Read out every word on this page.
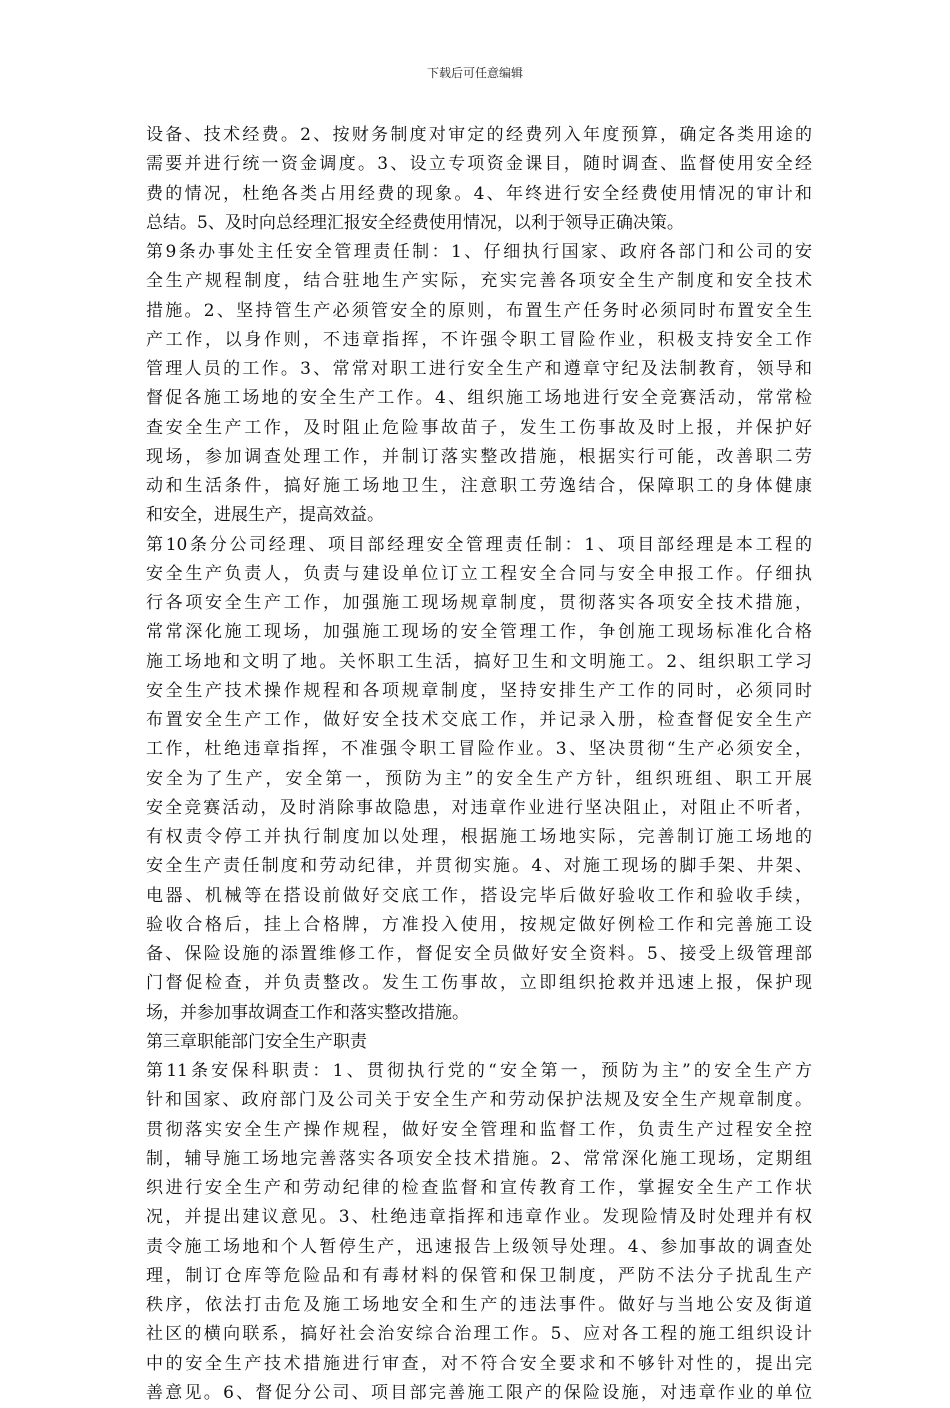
下载后可任意编辑
设备、技术经费。2、按财务制度对审定的经费列入年度预算，确定各类用途的
需要并进行统一资金调度。3、设立专项资金课目，随时调查、监督使用安全经
费的情况，杜绝各类占用经费的现象。4、年终进行安全经费使用情况的审计和
总结。5、及时向总经理汇报安全经费使用情况，以利于领导正确决策。
第9条办事处主任安全管理责任制：1、仔细执行国家、政府各部门和公司的安
全生产规程制度，结合驻地生产实际，充实完善各项安全生产制度和安全技术
措施。2、坚持管生产必须管安全的原则，布置生产任务时必须同时布置安全生
产工作，以身作则，不违章指挥，不许强令职工冒险作业，积极支持安全工作
管理人员的工作。3、常常对职工进行安全生产和遵章守纪及法制教育，领导和
督促各施工场地的安全生产工作。4、组织施工场地进行安全竞赛活动，常常检
查安全生产工作，及时阻止危险事故苗子，发生工伤事故及时上报，并保护好
现场，参加调查处理工作，并制订落实整改措施，根据实行可能，改善职二劳
动和生活条件，搞好施工场地卫生，注意职工劳逸结合，保障职工的身体健康
和安全，进展生产，提高效益。
第10条分公司经理、项目部经理安全管理责任制：1、项目部经理是本工程的
安全生产负责人，负责与建设单位订立工程安全合同与安全申报工作。仔细执
行各项安全生产工作，加强施工现场规章制度，贯彻落实各项安全技术措施，
常常深化施工现场，加强施工现场的安全管理工作，争创施工现场标准化合格
施工场地和文明了地。关怀职工生活，搞好卫生和文明施工。2、组织职工学习
安全生产技术操作规程和各项规章制度，坚持安排生产工作的同时，必须同时
布置安全生产工作，做好安全技术交底工作，并记录入册，检查督促安全生产
工作，杜绝违章指挥，不准强令职工冒险作业。3、坚决贯彻“生产必须安全，
安全为了生产，安全第一，预防为主”的安全生产方针，组织班组、职工开展
安全竞赛活动，及时消除事故隐患，对违章作业进行坚决阻止，对阻止不听者，
有权责令停工并执行制度加以处理，根据施工场地实际，完善制订施工场地的
安全生产责任制度和劳动纪律，并贯彻实施。4、对施工现场的脚手架、井架、
电器、机械等在搭设前做好交底工作，搭设完毕后做好验收工作和验收手续，
验收合格后，挂上合格牌，方准投入使用，按规定做好例检工作和完善施工设
备、保险设施的添置维修工作，督促安全员做好安全资料。5、接受上级管理部
门督促检查，并负责整改。发生工伤事故，立即组织抢救并迅速上报，保护现
场，并参加事故调查工作和落实整改措施。
第三章职能部门安全生产职责
第11条安保科职责：1、贯彻执行党的“安全第一，预防为主”的安全生产方
针和国家、政府部门及公司关于安全生产和劳动保护法规及安全生产规章制度。
贯彻落实安全生产操作规程，做好安全管理和监督工作，负责生产过程安全控
制，辅导施工场地完善落实各项安全技术措施。2、常常深化施工现场，定期组
织进行安全生产和劳动纪律的检查监督和宣传教育工作，掌握安全生产工作状
况，并提出建议意见。3、杜绝违章指挥和违章作业。发现险情及时处理并有权
责令施工场地和个人暂停生产，迅速报告上级领导处理。4、参加事故的调查处
理，制订仓库等危险品和有毒材料的保管和保卫制度，严防不法分子扰乱生产
秩序，依法打击危及施工场地安全和生产的违法事件。做好与当地公安及街道
社区的横向联系，搞好社会治安综合治理工作。5、应对各工程的施工组织设计
中的安全生产技术措施进行审查，对不符合安全要求和不够针对性的，提出完
善意见。6、督促分公司、项目部完善施工限产的保险设施，对违章作业的单位
